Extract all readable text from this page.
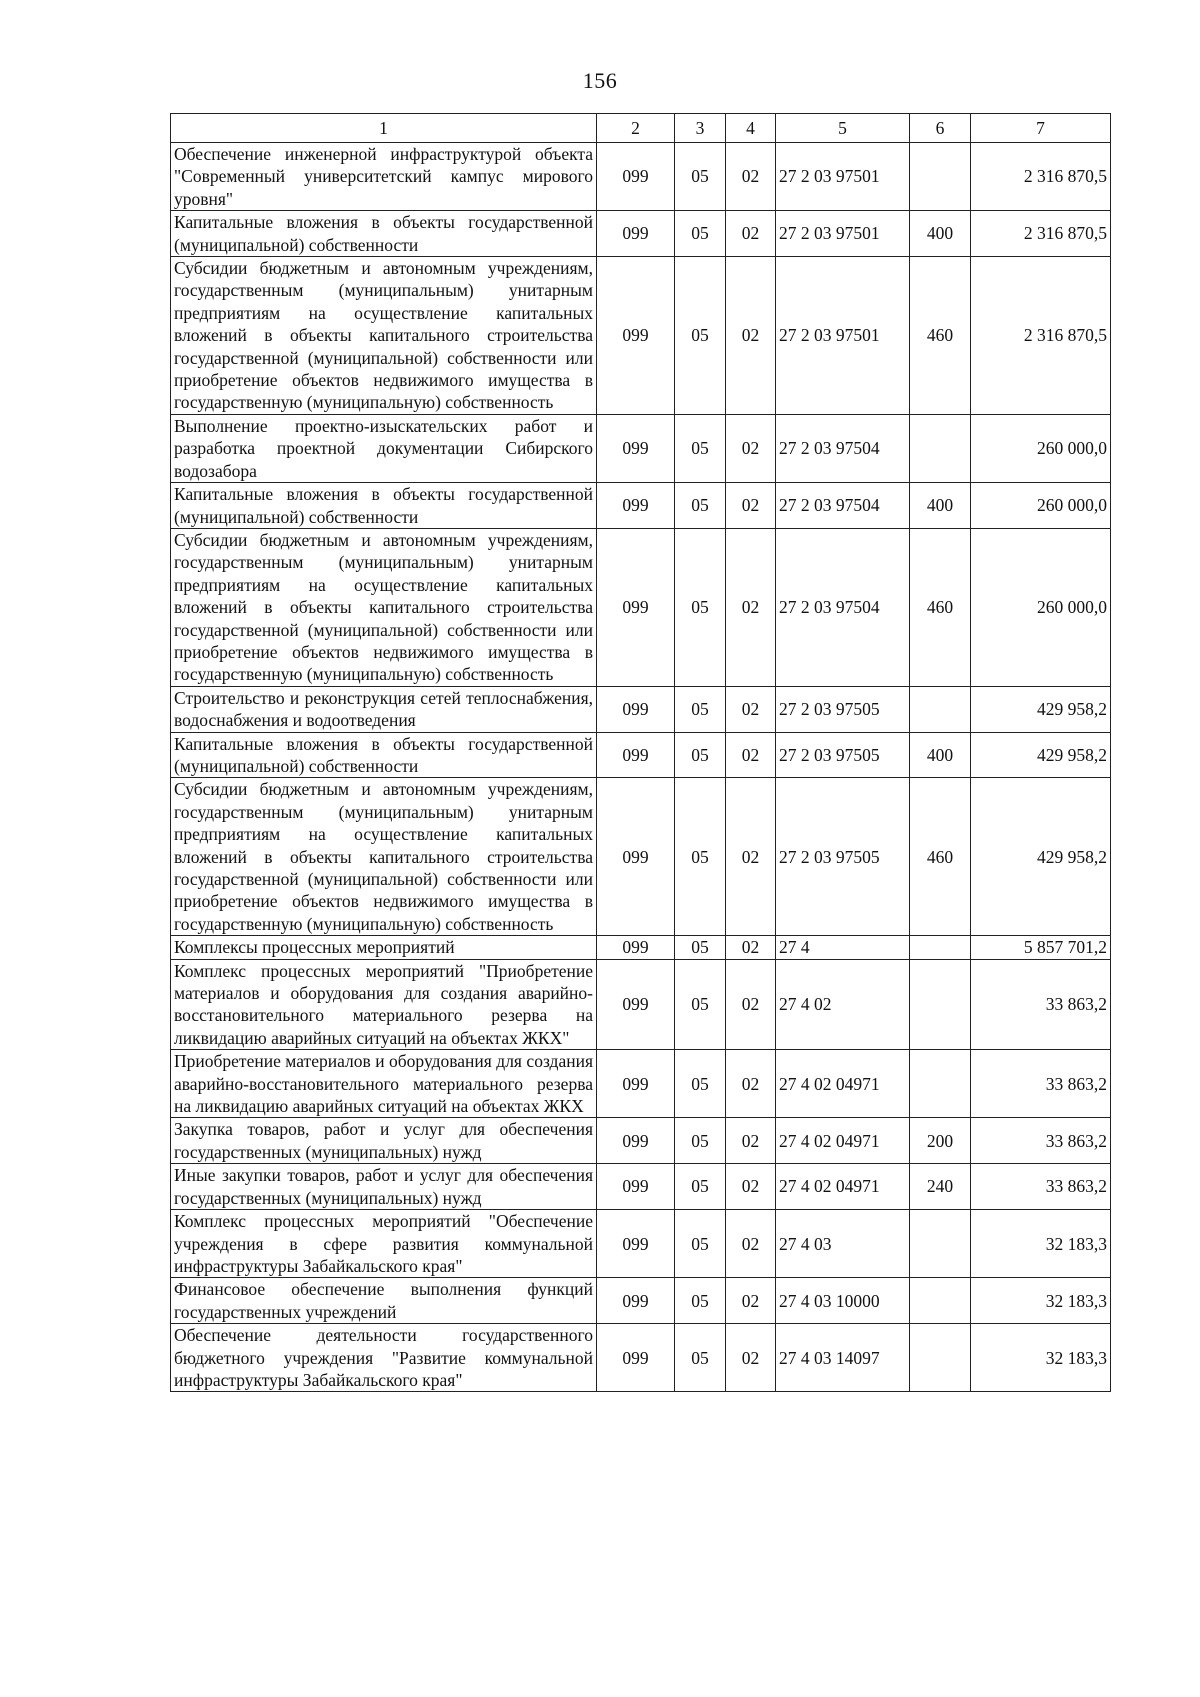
156
1	2	3	4	5	6	7
Обеспечение инженерной инфраструктурой объекта "Современный университетский кампус мирового уровня"	099	05	02	27 2 03 97501		2 316 870,5
Капитальные вложения в объекты государственной (муниципальной) собственности	099	05	02	27 2 03 97501	400	2 316 870,5
Субсидии бюджетным и автономным учреждениям, государственным (муниципальным) унитарным предприятиям на осуществление капитальных вложений в объекты капитального строительства государственной (муниципальной) собственности или приобретение объектов недвижимого имущества в государственную (муниципальную) собственность	099	05	02	27 2 03 97501	460	2 316 870,5
Выполнение проектно-изыскательских работ и разработка проектной документации Сибирского водозабора	099	05	02	27 2 03 97504		260 000,0
Капитальные вложения в объекты государственной (муниципальной) собственности	099	05	02	27 2 03 97504	400	260 000,0
Субсидии бюджетным и автономным учреждениям, государственным (муниципальным) унитарным предприятиям на осуществление капитальных вложений в объекты капитального строительства государственной (муниципальной) собственности или приобретение объектов недвижимого имущества в государственную (муниципальную) собственность	099	05	02	27 2 03 97504	460	260 000,0
Строительство и реконструкция сетей теплоснабжения, водоснабжения и водоотведения	099	05	02	27 2 03 97505		429 958,2
Капитальные вложения в объекты государственной (муниципальной) собственности	099	05	02	27 2 03 97505	400	429 958,2
Субсидии бюджетным и автономным учреждениям, государственным (муниципальным) унитарным предприятиям на осуществление капитальных вложений в объекты капитального строительства государственной (муниципальной) собственности или приобретение объектов недвижимого имущества в государственную (муниципальную) собственность	099	05	02	27 2 03 97505	460	429 958,2
Комплексы процессных мероприятий	099	05	02	27 4		5 857 701,2
Комплекс процессных мероприятий "Приобретение материалов и оборудования для создания аварийно-восстановительного материального резерва на ликвидацию аварийных ситуаций на объектах ЖКХ"	099	05	02	27 4 02		33 863,2
Приобретение материалов и оборудования для создания аварийно-восстановительного материального резерва на ликвидацию аварийных ситуаций на объектах ЖКХ	099	05	02	27 4 02 04971		33 863,2
Закупка товаров, работ и услуг для обеспечения государственных (муниципальных) нужд	099	05	02	27 4 02 04971	200	33 863,2
Иные закупки товаров, работ и услуг для обеспечения государственных (муниципальных) нужд	099	05	02	27 4 02 04971	240	33 863,2
Комплекс процессных мероприятий "Обеспечение учреждения в сфере развития коммунальной инфраструктуры Забайкальского края"	099	05	02	27 4 03		32 183,3
Финансовое обеспечение выполнения функций государственных учреждений	099	05	02	27 4 03 10000		32 183,3
Обеспечение деятельности государственного бюджетного учреждения "Развитие коммунальной инфраструктуры Забайкальского края"	099	05	02	27 4 03 14097		32 183,3
